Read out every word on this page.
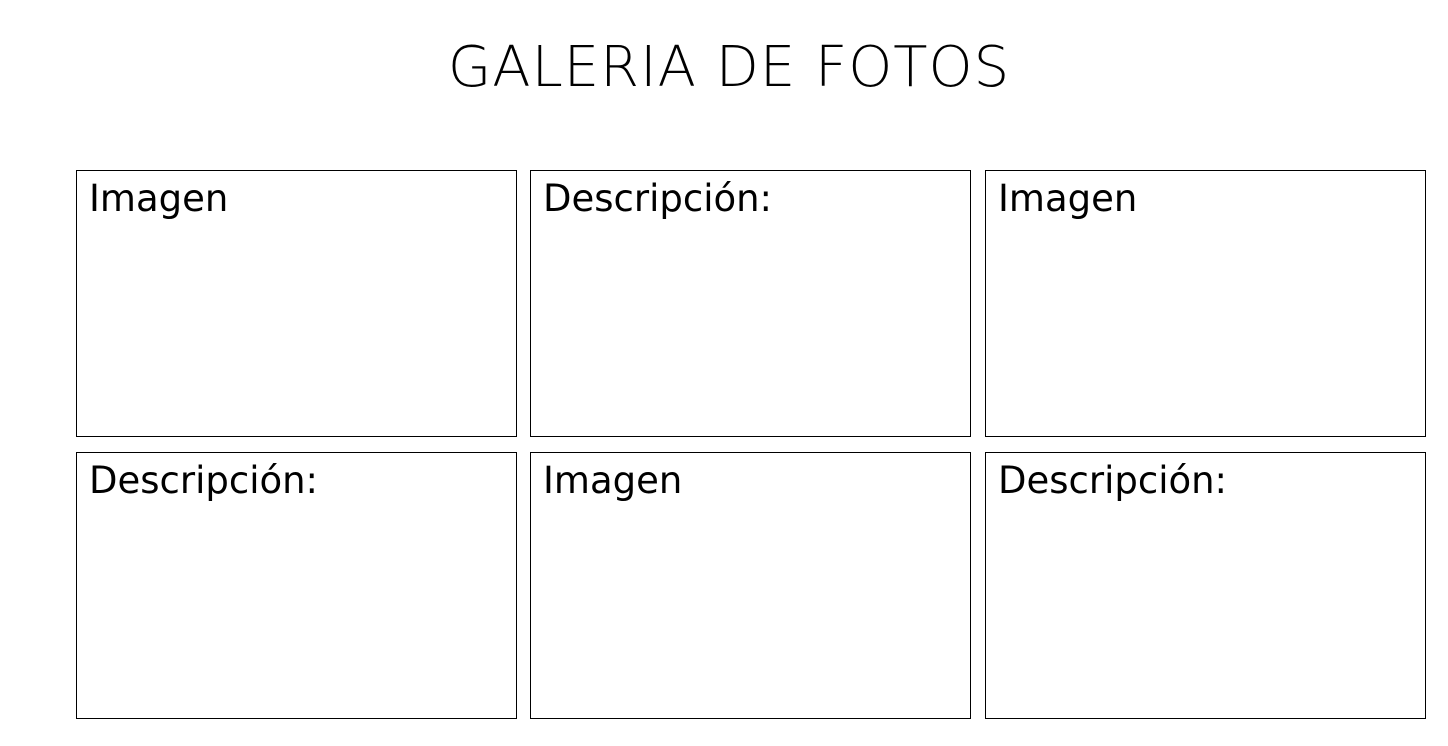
GALERIA DE FOTOS
Imagen	Descripción:	Imagen
Descripción:	Imagen	Descripción:
